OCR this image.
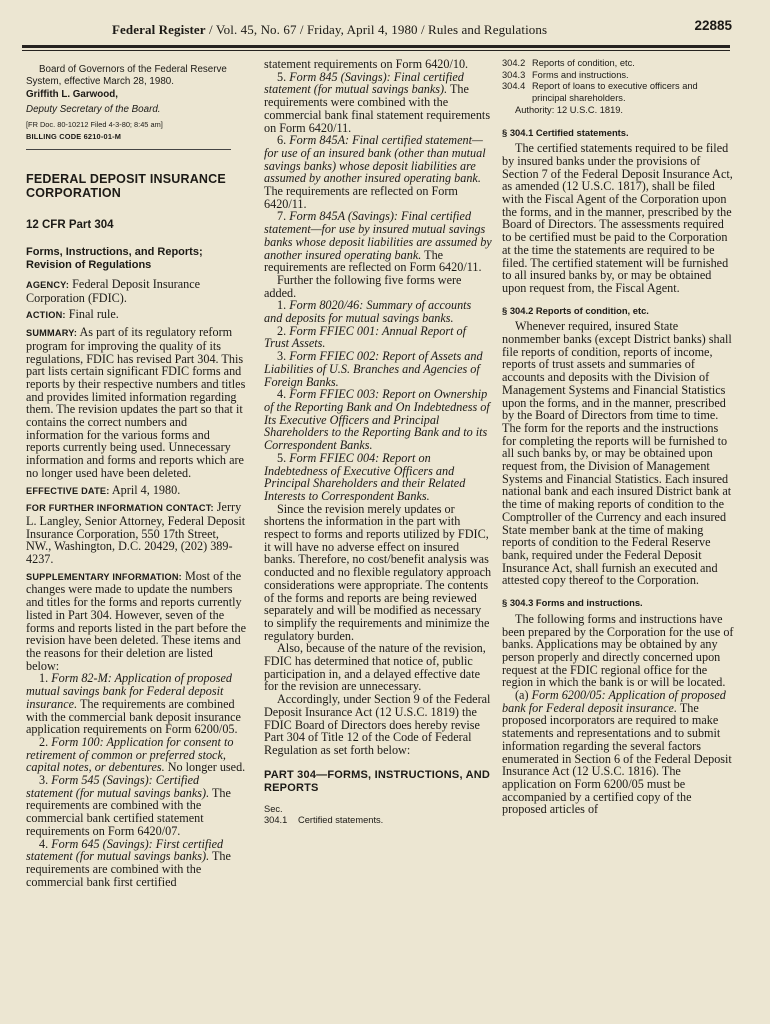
Federal Register / Vol. 45, No. 67 / Friday, April 4, 1980 / Rules and Regulations	22885

Board of Governors of the Federal Reserve System, effective March 28, 1980.

Griffith L. Garwood,

Deputy Secretary of the Board.

[FR Doc. 80-10212 Filed 4-3-80; 8:45 am]

BILLING CODE 6210-01-M

FEDERAL DEPOSIT INSURANCE CORPORATION

12 CFR Part 304

Forms, Instructions, and Reports; Revision of Regulations

AGENCY: Federal Deposit Insurance Corporation (FDIC).

ACTION: Final rule.

SUMMARY: As part of its regulatory reform program for improving the quality of its regulations, FDIC has revised Part 304. This part lists certain significant FDIC forms and reports by their respective numbers and titles and provides limited information regarding them. The revision updates the part so that it contains the correct numbers and information for the various forms and reports currently being used. Unnecessary information and forms and reports which are no longer used have been deleted.

EFFECTIVE DATE: April 4, 1980.

FOR FURTHER INFORMATION CONTACT: Jerry L. Langley, Senior Attorney, Federal Deposit Insurance Corporation, 550 17th Street, NW., Washington, D.C. 20429, (202) 389-4237.

SUPPLEMENTARY INFORMATION: Most of the changes were made to update the numbers and titles for the forms and reports currently listed in Part 304. However, seven of the forms and reports listed in the part before the revision have been deleted. These items and the reasons for their deletion are listed below:

1. Form 82-M: Application of proposed mutual savings bank for Federal deposit insurance. The requirements are combined with the commercial bank deposit insurance application requirements on Form 6200/05.

2. Form 100: Application for consent to retirement of common or preferred stock, capital notes, or debentures. No longer used.

3. Form 545 (Savings): Certified statement (for mutual savings banks). The requirements are combined with the commercial bank certified statement requirements on Form 6420/07.

4. Form 645 (Savings): First certified statement (for mutual savings banks). The requirements are combined with the commercial bank first certified

statement requirements on Form 6420/10.

5. Form 845 (Savings): Final certified statement (for mutual savings banks). The requirements were combined with the commercial bank final statement requirements on Form 6420/11.

6. Form 845A: Final certified statement—for use of an insured bank (other than mutual savings banks) whose deposit liabilities are assumed by another insured operating bank. The requirements are reflected on Form 6420/11.

7. Form 845A (Savings): Final certified statement—for use by insured mutual savings banks whose deposit liabilities are assumed by another insured operating bank. The requirements are reflected on Form 6420/11.

Further the following five forms were added.

1. Form 8020/46: Summary of accounts and deposits for mutual savings banks.

2. Form FFIEC 001: Annual Report of Trust Assets.

3. Form FFIEC 002: Report of Assets and Liabilities of U.S. Branches and Agencies of Foreign Banks.

4. Form FFIEC 003: Report on Ownership of the Reporting Bank and On Indebtedness of Its Executive Officers and Principal Shareholders to the Reporting Bank and to its Correspondent Banks.

5. Form FFIEC 004: Report on Indebtedness of Executive Officers and Principal Shareholders and their Related Interests to Correspondent Banks.

Since the revision merely updates or shortens the information in the part with respect to forms and reports utilized by FDIC, it will have no adverse effect on insured banks. Therefore, no cost/benefit analysis was conducted and no flexible regulatory approach considerations were appropriate. The contents of the forms and reports are being reviewed separately and will be modified as necessary to simplify the requirements and minimize the regulatory burden.

Also, because of the nature of the revision, FDIC has determined that notice of, public participation in, and a delayed effective date for the revision are unnecessary.

Accordingly, under Section 9 of the Federal Deposit Insurance Act (12 U.S.C. 1819) the FDIC Board of Directors does hereby revise Part 304 of Title 12 of the Code of Federal Regulation as set forth below:

PART 304—FORMS, INSTRUCTIONS, AND REPORTS

Sec.

304.1 Certified statements.

304.2 Reports of condition, etc.

304.3 Forms and instructions.

304.4 Report of loans to executive officers and principal shareholders.

Authority: 12 U.S.C. 1819.

§ 304.1 Certified statements.

The certified statements required to be filed by insured banks under the provisions of Section 7 of the Federal Deposit Insurance Act, as amended (12 U.S.C. 1817), shall be filed with the Fiscal Agent of the Corporation upon the forms, and in the manner, prescribed by the Board of Directors. The assessments required to be certified must be paid to the Corporation at the time the statements are required to be filed. The certified statement will be furnished to all insured banks by, or may be obtained upon request from, the Fiscal Agent.

§ 304.2 Reports of condition, etc.

Whenever required, insured State nonmember banks (except District banks) shall file reports of condition, reports of income, reports of trust assets and summaries of accounts and deposits with the Division of Management Systems and Financial Statistics upon the forms, and in the manner, prescribed by the Board of Directors from time to time. The form for the reports and the instructions for completing the reports will be furnished to all such banks by, or may be obtained upon request from, the Division of Management Systems and Financial Statistics. Each insured national bank and each insured District bank at the time of making reports of condition to the Comptroller of the Currency and each insured State member bank at the time of making reports of condition to the Federal Reserve bank, required under the Federal Deposit Insurance Act, shall furnish an executed and attested copy thereof to the Corporation.

§ 304.3 Forms and instructions.

The following forms and instructions have been prepared by the Corporation for the use of banks. Applications may be obtained by any person properly and directly concerned upon request at the FDIC regional office for the region in which the bank is or will be located.

(a) Form 6200/05: Application of proposed bank for Federal deposit insurance. The proposed incorporators are required to make statements and representations and to submit information regarding the several factors enumerated in Section 6 of the Federal Deposit Insurance Act (12 U.S.C. 1816). The application on Form 6200/05 must be accompanied by a certified copy of the proposed articles of
